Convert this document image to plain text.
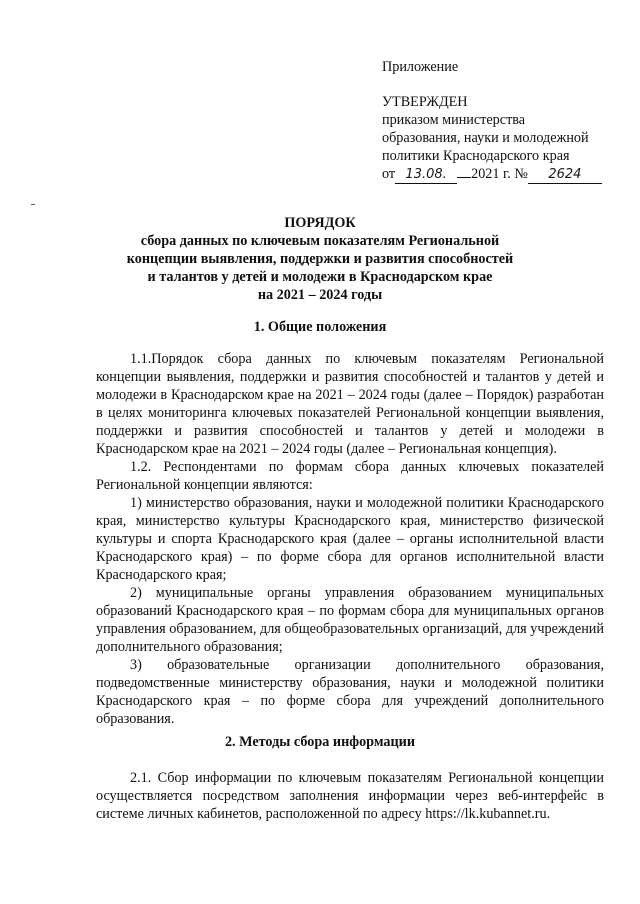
Приложение
УТВЕРЖДЕН
приказом министерства
образования, науки и молодежной
политики Краснодарского края
от 13.08. 2021 г. № 2624
ПОРЯДОК
сбора данных по ключевым показателям Региональной
концепции выявления, поддержки и развития способностей
и талантов у детей и молодежи в Краснодарском крае
на 2021 – 2024 годы
1. Общие положения

1.1.Порядок сбора данных по ключевым показателям Региональной концепции выявления, поддержки и развития способностей и талантов у детей и молодежи в Краснодарском крае на 2021 – 2024 годы (далее – Порядок) разработан в целях мониторинга ключевых показателей Региональной концепции выявления, поддержки и развития способностей и талантов у детей и молодежи в Краснодарском крае на 2021 – 2024 годы (далее – Региональная концепция).

1.2. Респондентами по формам сбора данных ключевых показателей Региональной концепции являются:

1) министерство образования, науки и молодежной политики Краснодарского края, министерство культуры Краснодарского края, министерство физической культуры и спорта Краснодарского края (далее – органы исполнительной власти Краснодарского края) – по форме сбора для органов исполнительной власти Краснодарского края;

2) муниципальные органы управления образованием муниципальных образований Краснодарского края – по формам сбора для муниципальных органов управления образованием, для общеобразовательных организаций, для учреждений дополнительного образования;

3) образовательные организации дополнительного образования, подведомственные министерству образования, науки и молодежной политики Краснодарского края – по форме сбора для учреждений дополнительного образования.

2. Методы сбора информации

2.1. Сбор информации по ключевым показателям Региональной концепции осуществляется посредством заполнения информации через веб-интерфейс в системе личных кабинетов, расположенной по адресу https://lk.kubannet.ru.
